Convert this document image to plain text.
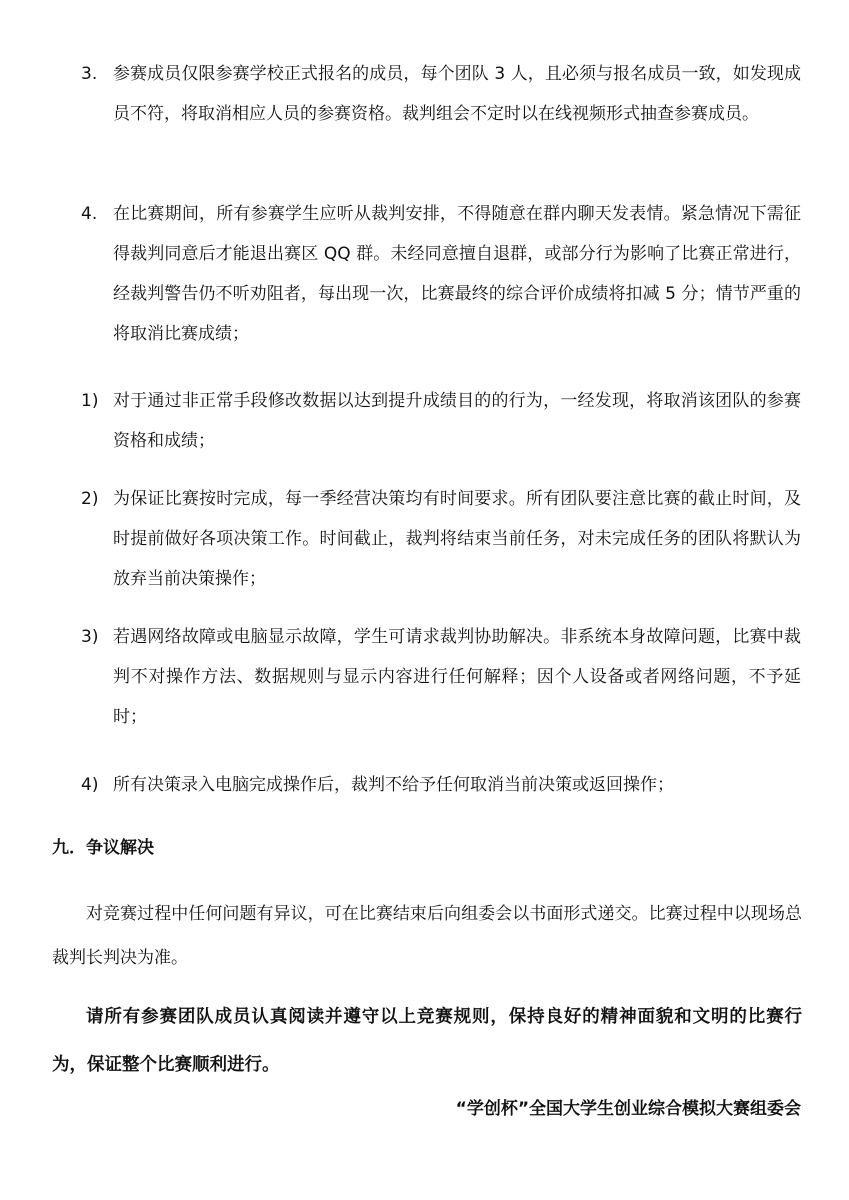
3. 参赛成员仅限参赛学校正式报名的成员，每个团队 3 人，且必须与报名成员一致，如发现成员不符，将取消相应人员的参赛资格。裁判组会不定时以在线视频形式抽查参赛成员。
4. 在比赛期间，所有参赛学生应听从裁判安排，不得随意在群内聊天发表情。紧急情况下需征得裁判同意后才能退出赛区 QQ 群。未经同意擅自退群，或部分行为影响了比赛正常进行，经裁判警告仍不听劝阻者，每出现一次，比赛最终的综合评价成绩将扣减 5 分；情节严重的将取消比赛成绩；
1) 对于通过非正常手段修改数据以达到提升成绩目的的行为，一经发现，将取消该团队的参赛资格和成绩；
2) 为保证比赛按时完成，每一季经营决策均有时间要求。所有团队要注意比赛的截止时间，及时提前做好各项决策工作。时间截止，裁判将结束当前任务，对未完成任务的团队将默认为放弃当前决策操作；
3) 若遇网络故障或电脑显示故障，学生可请求裁判协助解决。非系统本身故障问题，比赛中裁判不对操作方法、数据规则与显示内容进行任何解释；因个人设备或者网络问题，不予延时；
4) 所有决策录入电脑完成操作后，裁判不给予任何取消当前决策或返回操作；
九．争议解决
对竞赛过程中任何问题有异议，可在比赛结束后向组委会以书面形式递交。比赛过程中以现场总裁判长判决为准。
请所有参赛团队成员认真阅读并遵守以上竞赛规则，保持良好的精神面貌和文明的比赛行为，保证整个比赛顺利进行。
“学创杯”全国大学生创业综合模拟大赛组委会
